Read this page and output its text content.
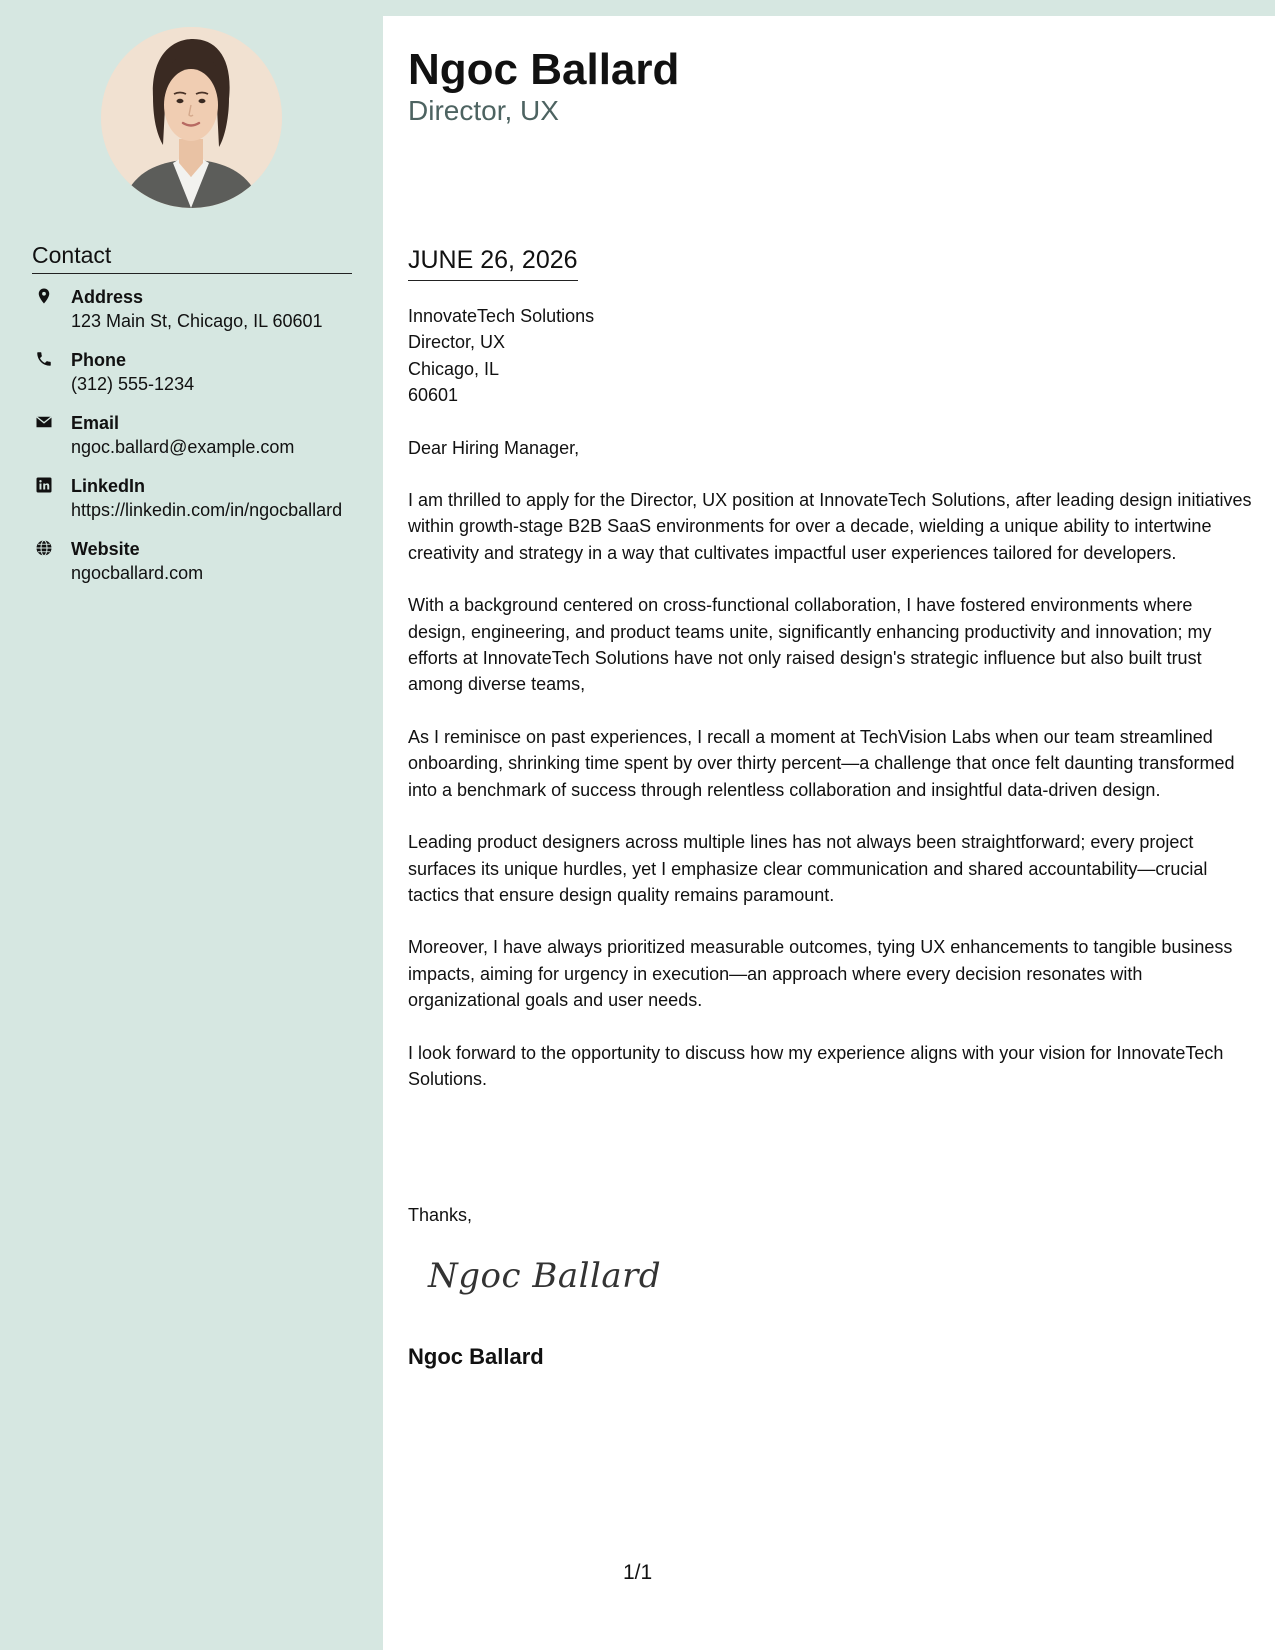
Contact
Address
123 Main St, Chicago, IL 60601
Phone
(312) 555-1234
Email
ngoc.ballard@example.com
LinkedIn
https://linkedin.com/in/ngocballard
Website
ngocballard.com
Ngoc Ballard
Director, UX
JUNE 26, 2026
InnovateTech Solutions
Director, UX
Chicago, IL
60601
Dear Hiring Manager,

I am thrilled to apply for the Director, UX position at InnovateTech Solutions, after leading design initiatives within growth-stage B2B SaaS environments for over a decade, wielding a unique ability to intertwine creativity and strategy in a way that cultivates impactful user experiences tailored for developers.

With a background centered on cross-functional collaboration, I have fostered environments where design, engineering, and product teams unite, significantly enhancing productivity and innovation; my efforts at InnovateTech Solutions have not only raised design's strategic influence but also built trust among diverse teams,

As I reminisce on past experiences, I recall a moment at TechVision Labs when our team streamlined onboarding, shrinking time spent by over thirty percent—a challenge that once felt daunting transformed into a benchmark of success through relentless collaboration and insightful data-driven design.

Leading product designers across multiple lines has not always been straightforward; every project surfaces its unique hurdles, yet I emphasize clear communication and shared accountability—crucial tactics that ensure design quality remains paramount.

Moreover, I have always prioritized measurable outcomes, tying UX enhancements to tangible business impacts, aiming for urgency in execution—an approach where every decision resonates with organizational goals and user needs.

I look forward to the opportunity to discuss how my experience aligns with your vision for InnovateTech Solutions.

Thanks,
Ngoc Ballard
Ngoc Ballard
1/1
